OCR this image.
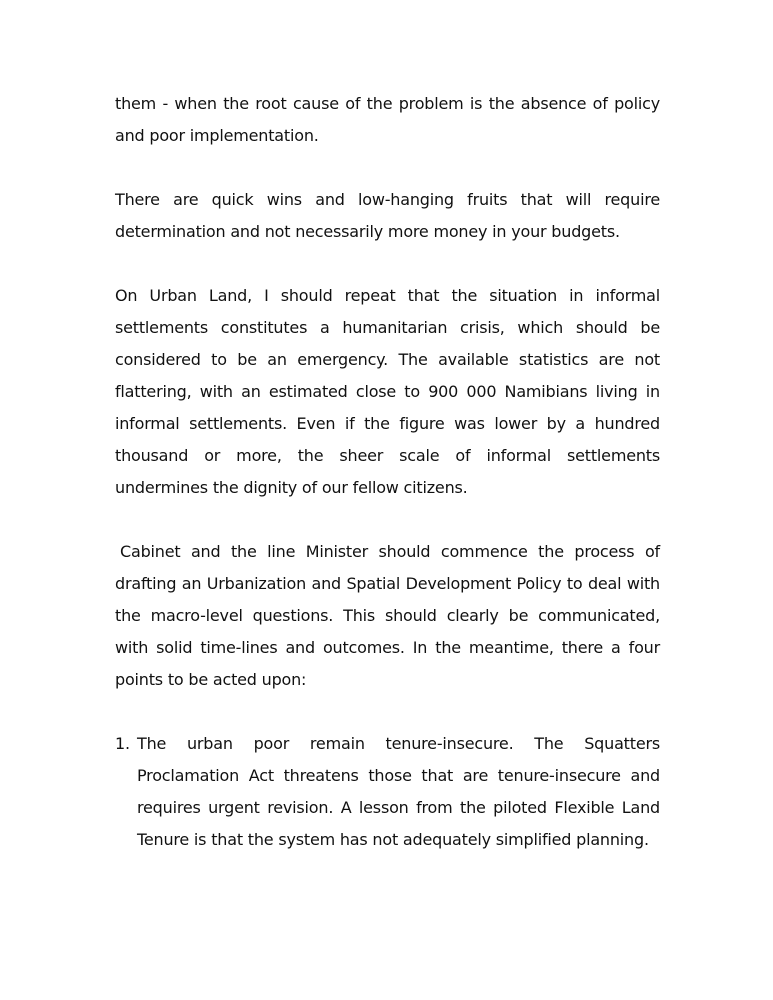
them - when the root cause of the problem is the absence of policy and poor implementation.

There are quick wins and low-hanging fruits that will require determination and not necessarily more money in your budgets.

On Urban Land, I should repeat that the situation in informal settlements constitutes a humanitarian crisis, which should be considered to be an emergency. The available statistics are not flattering, with an estimated close to 900 000 Namibians living in informal settlements. Even if the figure was lower by a hundred thousand or more, the sheer scale of informal settlements undermines the dignity of our fellow citizens.

Cabinet and the line Minister should commence the process of drafting an Urbanization and Spatial Development Policy to deal with the macro-level questions. This should clearly be communicated, with solid time-lines and outcomes. In the meantime, there a four points to be acted upon:

1. The urban poor remain tenure-insecure. The Squatters Proclamation Act threatens those that are tenure-insecure and requires urgent revision. A lesson from the piloted Flexible Land Tenure is that the system has not adequately simplified planning.
